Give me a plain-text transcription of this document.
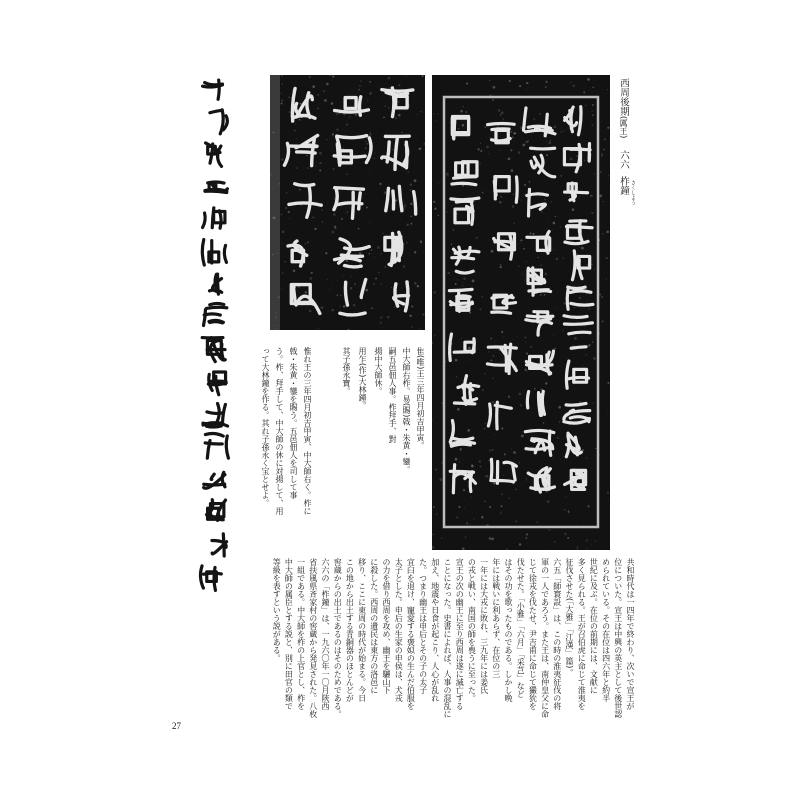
西周後期(厲王)
六六
柞鐘 さくしよう
隹(唯)王三年四月初吉甲寅。
中大師右柞。易(賜)戟・朱黄・鑾。
嗣五邑佃人事。柞拜手、對
揚中大師休。
用乍(作)大林鐘。
其子孫永寶。
惟れ王の三年四月初吉甲寅、中大師右く。柞に
戟・朱黄・鑾を賜う。五邑佃人を司して事
う。柞、拜手して、中大師の休に対揚して、用
って大林鐘を作る。其れ子孫永く宝とせよ。
共和時代は一四年で終わり、次いで宣王が
位についた。宣王は中興の英主として後世認
められている。その在位は四六年と約半
世紀に及ぶ。在位の前期には、文献に
多く見られる。王が召伯虎に命じて淮夷を
征伐させた(「大雅」「江漢」篇)。
六五「師寰設」は、この時の淮夷征伐の将
軍の一人であろう。また王は、南仲皇父に命
じて徐戎を伐たせ、尹吉甫に命じて玁狁を
伐たせた。「小雅」「六月」「采芑」など
はその功を歌ったものである。しかし晩
年には戦いに利あらず、在位の三
一年には大戎に敗れ、三九年には姜氏
の戎と戦い、南国の師を喪うに至った。
宣王の次の幽王に至り西周は遂に滅亡する
ことになった。史書によれば、人事の混乱に
加え、地震や日食が起こり、人心が乱れ
た。つまり幽王は申后とその子の太子
宜臼を退け、寵愛する褒姒の生んだ伯服を
太子とした。申后の生家の申侯は、犬戎
の力を借り西周を攻め、幽王を驪山下
に殺した。西周の遺民は東方の洛邑に
移り、ここに東周の時代が始まる。今日
この地から出土する青銅器のほとんどが
窖蔵からの出土であるのはそのためである。
六六の「柞鐘」は、一九六〇年一〇月陝西
省扶風県斉家村の窖蔵から発見された。八枚
一組である。中大師を柞の上官とし、柞を
中大師の属臣とする説と、別に田官の類で
等級を表すという説がある。
27
